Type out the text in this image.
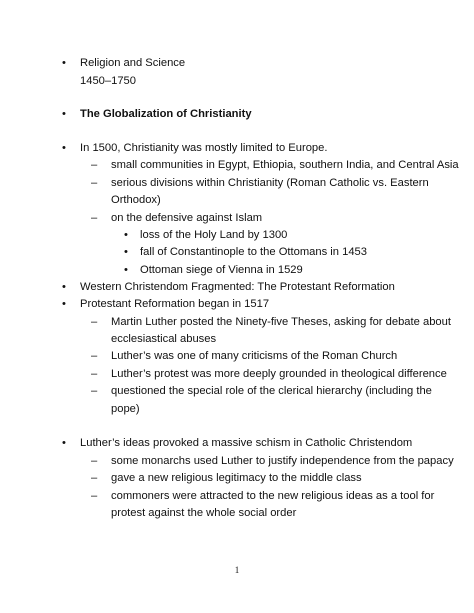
• Religion and Science
1450–1750
• The Globalization of Christianity
• In 1500, Christianity was mostly limited to Europe.
– small communities in Egypt, Ethiopia, southern India, and Central Asia
– serious divisions within Christianity (Roman Catholic vs. Eastern
Orthodox)
– on the defensive against Islam
• loss of the Holy Land by 1300
• fall of Constantinople to the Ottomans in 1453
• Ottoman siege of Vienna in 1529
• Western Christendom Fragmented: The Protestant Reformation
• Protestant Reformation began in 1517
– Martin Luther posted the Ninety-five Theses, asking for debate about
ecclesiastical abuses
– Luther’s was one of many criticisms of the Roman Church
– Luther’s protest was more deeply grounded in theological difference
– questioned the special role of the clerical hierarchy (including the
pope)
• Luther’s ideas provoked a massive schism in Catholic Christendom
– some monarchs used Luther to justify independence from the papacy
– gave a new religious legitimacy to the middle class
– commoners were attracted to the new religious ideas as a tool for
protest against the whole social order
1
